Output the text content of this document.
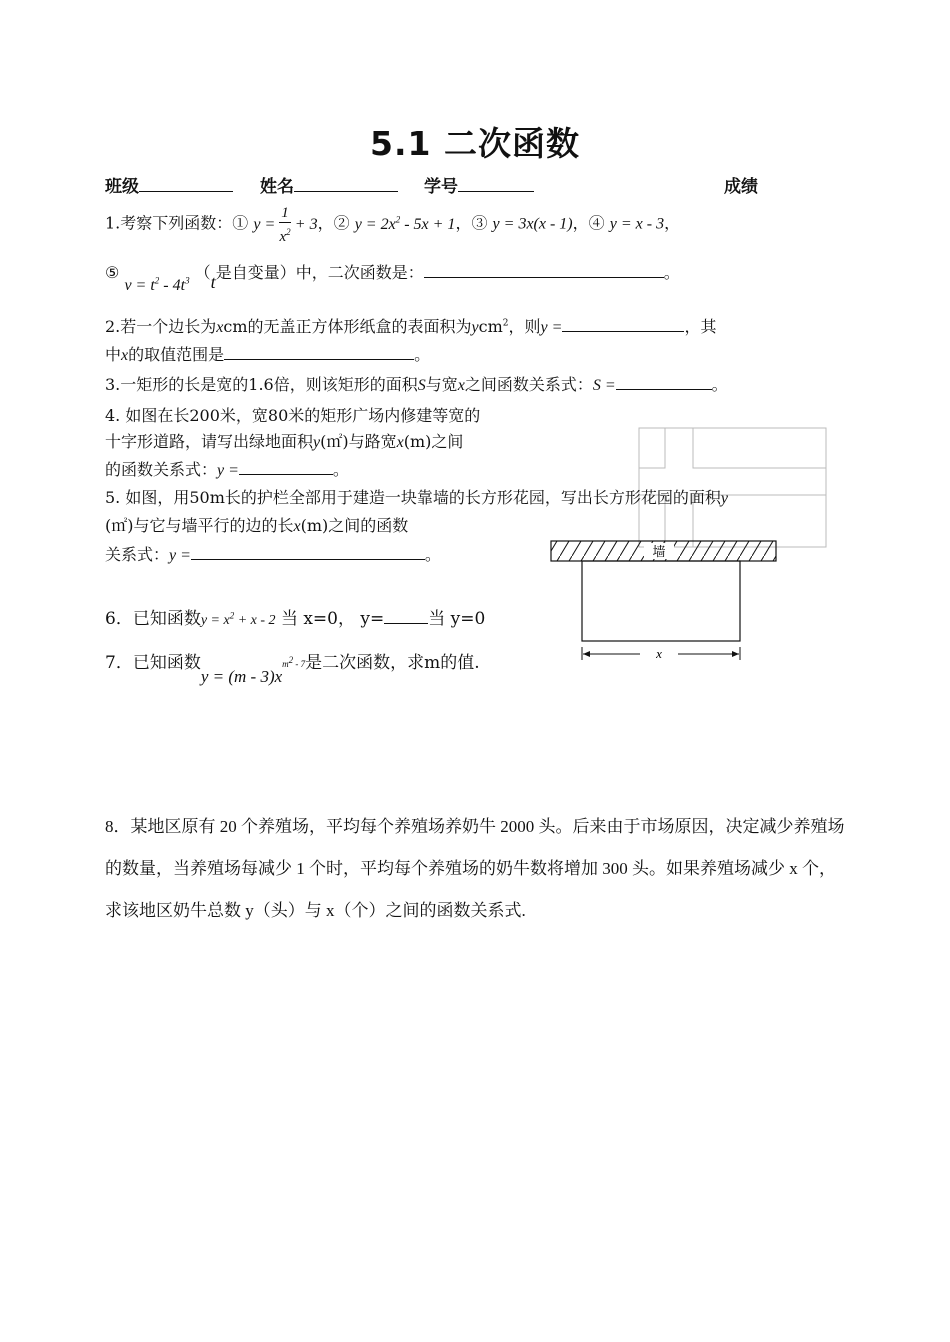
5.1 二次函数
班级	姓名	学号	成绩
1.考察下列函数：① $y = \frac{1}{x^2} + 3$，② $y = 2x^2 - 5x + 1$，③ y = 3x(x - 1)，④ y = x - 3，
⑤ $v = t^2 - 4t^3$ （t是自变量）中，二次函数是：	。
2.若一个边长为xcm的无盖正方体形纸盒的表面积为ycm$^2$，则y =	，其
中x的取值范围是	。
3.一矩形的长是宽的1.6倍，则该矩形的面积S与宽x之间函数关系式：S =	。
4. 如图在长200米，宽80米的矩形广场内修建等宽的
十字形道路，请写出绿地面积y(㎡)与路宽x(m)之间
的函数关系式：y =	。
5. 如图，用50m长的护栏全部用于建造一块靠墙的长方形花园，写出长方形花园的面积y
(㎡)与它与墙平行的边的长x(m)之间的函数
关系式：y =	。	墙
x
6．已知函数$y = x^2 + x - 2$ 当 x=0， y=	当 y=0
7．已知函数$y = (m - 3)x^{m^2 - 7}$是二次函数，求m的值.
8．某地区原有 20 个养殖场，平均每个养殖场养奶牛 2000 头。后来由于市场原因，决定减少养殖场的数量，当养殖场每减少 1 个时，平均每个养殖场的奶牛数将增加 300 头。如果养殖场减少 x 个，求该地区奶牛总数 y（头）与 x（个）之间的函数关系式.
